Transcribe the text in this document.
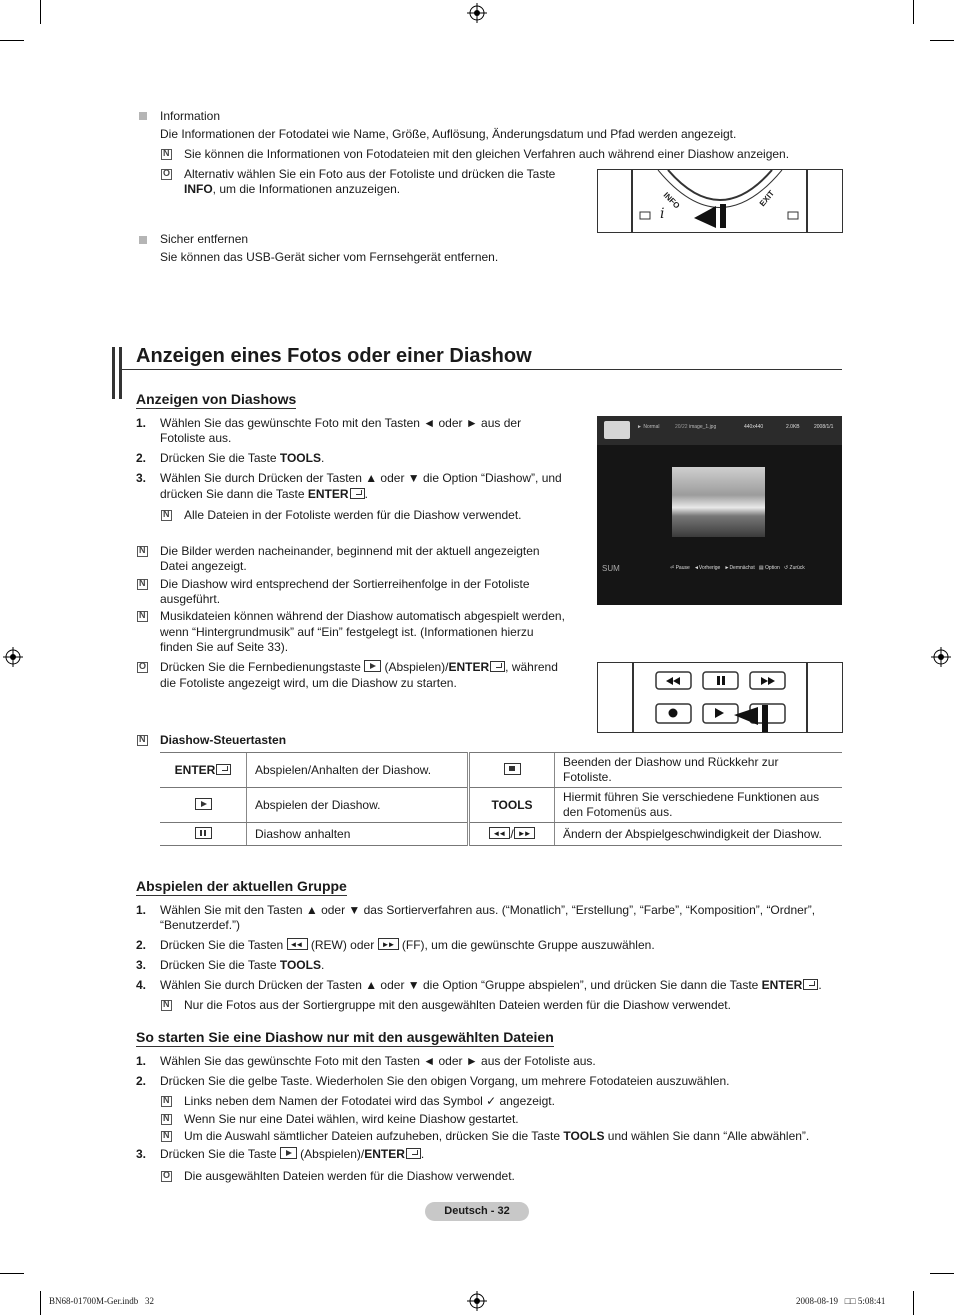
Information
Die Informationen der Fotodatei wie Name, Größe, Auflösung, Änderungsdatum und Pfad werden angezeigt.
N
Sie können die Informationen von Fotodateien mit den gleichen Verfahren auch während einer Diashow anzeigen.
O
Alternativ wählen Sie ein Foto aus der Fotoliste und drücken die Taste
INFO, um die Informationen anzuzeigen.
INFO	EXIT
i
Sicher entfernen
Sie können das USB-Gerät sicher vom Fernsehgerät entfernen.
Anzeigen eines Fotos oder einer Diashow
Anzeigen von Diashows
1. Wählen Sie das gewünschte Foto mit den Tasten ◄ oder ► aus der
Fotoliste aus.
2. Drücken Sie die Taste TOOLS.
3. Wählen Sie durch Drücken der Tasten ▲ oder ▼ die Option “Diashow”, und
drücken Sie dann die Taste ENTER .
N
Alle Dateien in der Fotoliste werden für die Diashow verwendet.
N
Die Bilder werden nacheinander, beginnend mit der aktuell angezeigten
Datei angezeigt.
N
Die Diashow wird entsprechend der Sortierreihenfolge in der Fotoliste
ausgeführt.
N
Musikdateien können während der Diashow automatisch abgespielt werden,
wenn “Hintergrundmusik” auf “Ein” festgelegt ist. (Informationen hierzu
finden Sie auf Seite 33).
O
Drücken Sie die Fernbedienungstaste  (Abspielen)/ENTER , während
die Fotoliste angezeigt wird, um die Diashow zu starten.
► Normal	20/22 image_1.jpg	440x440	2.0KB	2008/1/1
SUM	⏎ Pause ◄Vorherige ►Demnächst ▤ Option ↺ Zurück
N
Diashow-Steuertasten
ENTER	Abspielen/Anhalten der Diashow.		Beenden der Diashow und Rückkehr zur
Fotoliste.

	Abspielen der Diashow.	TOOLS	Hiermit führen Sie verschiedene Funktionen aus
den Fotomenüs aus.

	Diashow anhalten	◄◄/►►	Ändern der Abspielgeschwindigkeit der Diashow.
Abspielen der aktuellen Gruppe
1. Wählen Sie mit den Tasten ▲ oder ▼ das Sortierverfahren aus. (“Monatlich”, “Erstellung”, “Farbe”, “Komposition”, “Ordner”,
“Benutzerdef.”)
2. Drücken Sie die Tasten ◄◄ (REW) oder ►► (FF), um die gewünschte Gruppe auszuwählen.
3. Drücken Sie die Taste TOOLS.
4. Wählen Sie durch Drücken der Tasten ▲ oder ▼ die Option “Gruppe abspielen”, und drücken Sie dann die Taste ENTER .
N
Nur die Fotos aus der Sortiergruppe mit den ausgewählten Dateien werden für die Diashow verwendet.
So starten Sie eine Diashow nur mit den ausgewählten Dateien
1. Wählen Sie das gewünschte Foto mit den Tasten ◄ oder ► aus der Fotoliste aus.
2. Drücken Sie die gelbe Taste. Wiederholen Sie den obigen Vorgang, um mehrere Fotodateien auszuwählen.
N
Links neben dem Namen der Fotodatei wird das Symbol ✓ angezeigt.
N
Wenn Sie nur eine Datei wählen, wird keine Diashow gestartet.
N
Um die Auswahl sämtlicher Dateien aufzuheben, drücken Sie die Taste TOOLS und wählen Sie dann “Alle abwählen”.
3. Drücken Sie die Taste  (Abspielen)/ENTER .
O
Die ausgewählten Dateien werden für die Diashow verwendet.
Deutsch - 32
BN68-01700M-Ger.indb   32	2008-08-19   □□ 5:08:41
